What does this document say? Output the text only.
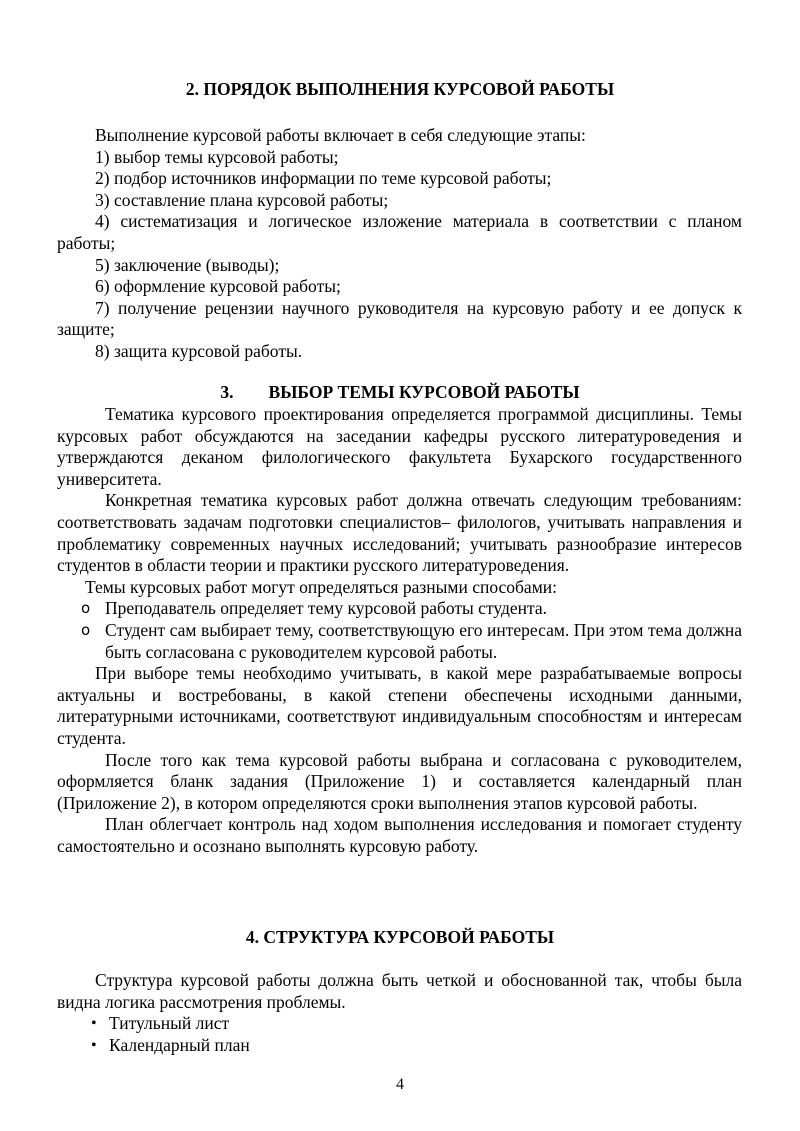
2. ПОРЯДОК ВЫПОЛНЕНИЯ КУРСОВОЙ РАБОТЫ

Выполнение курсовой работы включает в себя следующие этапы:

1) выбор темы курсовой работы;

2) подбор источников информации по теме курсовой работы;

3) составление плана курсовой работы;

4) систематизация и логическое изложение материала в соответствии с планом работы;

5) заключение (выводы);

6) оформление курсовой работы;

7) получение рецензии научного руководителя на курсовую работу и ее допуск к защите;

8) защита курсовой работы.

3.        ВЫБОР ТЕМЫ КУРСОВОЙ РАБОТЫ

Тематика курсового проектирования определяется программой дисциплины. Темы курсовых работ обсуждаются на заседании кафедры русского литературоведения и утверждаются деканом филологического факультета Бухарского государственного университета.

Конкретная тематика курсовых работ должна отвечать следующим требованиям: соответствовать задачам подготовки специалистов– филологов, учитывать направления и проблематику современных научных исследований; учитывать разнообразие интересов студентов в области теории и практики русского литературоведения.

Темы курсовых работ могут определяться разными способами:

o Преподаватель определяет тему курсовой работы студента.

o Студент сам выбирает тему, соответствующую его интересам. При этом тема должна быть согласована с руководителем курсовой работы.

При выборе темы необходимо учитывать, в какой мере разрабатываемые вопросы актуальны и востребованы, в какой степени обеспечены исходными данными, литературными источниками, соответствуют индивидуальным способностям и интересам студента.

После того как тема курсовой работы выбрана и согласована с руководителем, оформляется бланк задания (Приложение 1) и составляется календарный план (Приложение 2), в котором определяются сроки выполнения этапов курсовой работы.

План облегчает контроль над ходом выполнения исследования и помогает студенту самостоятельно и осознано выполнять курсовую работу.

4. СТРУКТУРА КУРСОВОЙ РАБОТЫ

Структура курсовой работы должна быть четкой и обоснованной так, чтобы была видна логика рассмотрения проблемы.

• Титульный лист

• Календарный план

4
